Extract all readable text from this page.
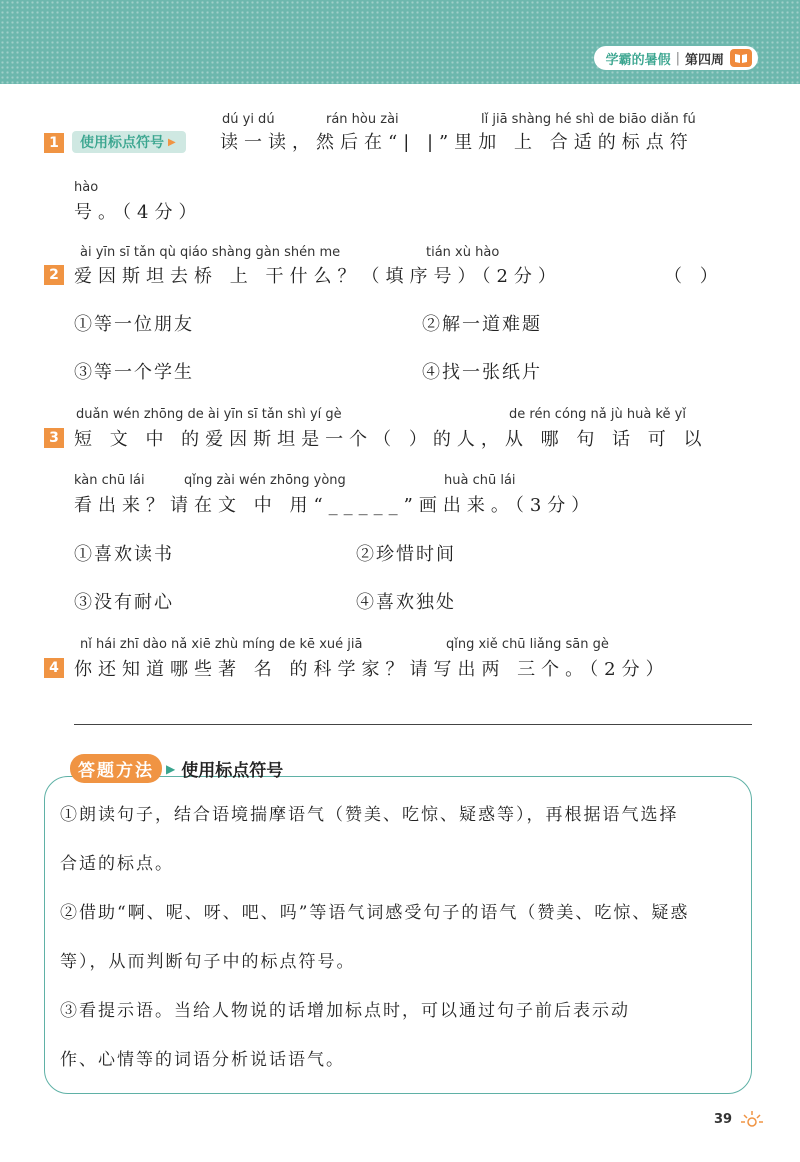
学霸的暑假 | 第四周
dú yi dú	rán hòu zài	lǐ jiā shàng hé shì de biāo diǎn fú
1	使用标点符号 ▶ 读一读，然后在“| |”里加 上 合适的标点符
hào
号。（4分）
ài yīn sī tǎn qù qiáo shàng gàn shén me	tián xù hào
2 爱因斯坦去桥 上 干什么？（填序号）（2分）	（ ）
①等一位朋友	②解一道难题
③等一个学生	④找一张纸片
duǎn wén zhōng de ài yīn sī tǎn shì yí gè	de rén cóng nǎ jù huà kě yǐ
3 短 文 中 的爱因斯坦是一个（ ）的人，从 哪 句 话 可 以
kàn chū lái	qǐng zài wén zhōng yòng	huà chū lái
看出来？请在文 中 用“_____”画出来。（3分）
①喜欢读书	②珍惜时间
③没有耐心	④喜欢独处
nǐ hái zhī dào nǎ xiē zhù míng de kē xué jiā	qǐng xiě chū liǎng sān gè
4 你还知道哪些著 名 的科学家？请写出两 三个。（2分）
答题方法	▶ 使用标点符号
①朗读句子，结合语境揣摩语气（赞美、吃惊、疑惑等），再根据语气选择
合适的标点。
②借助“啊、呢、呀、吧、吗”等语气词感受句子的语气（赞美、吃惊、疑惑
等），从而判断句子中的标点符号。
③看提示语。当给人物说的话增加标点时，可以通过句子前后表示动
作、心情等的词语分析说话语气。
39
